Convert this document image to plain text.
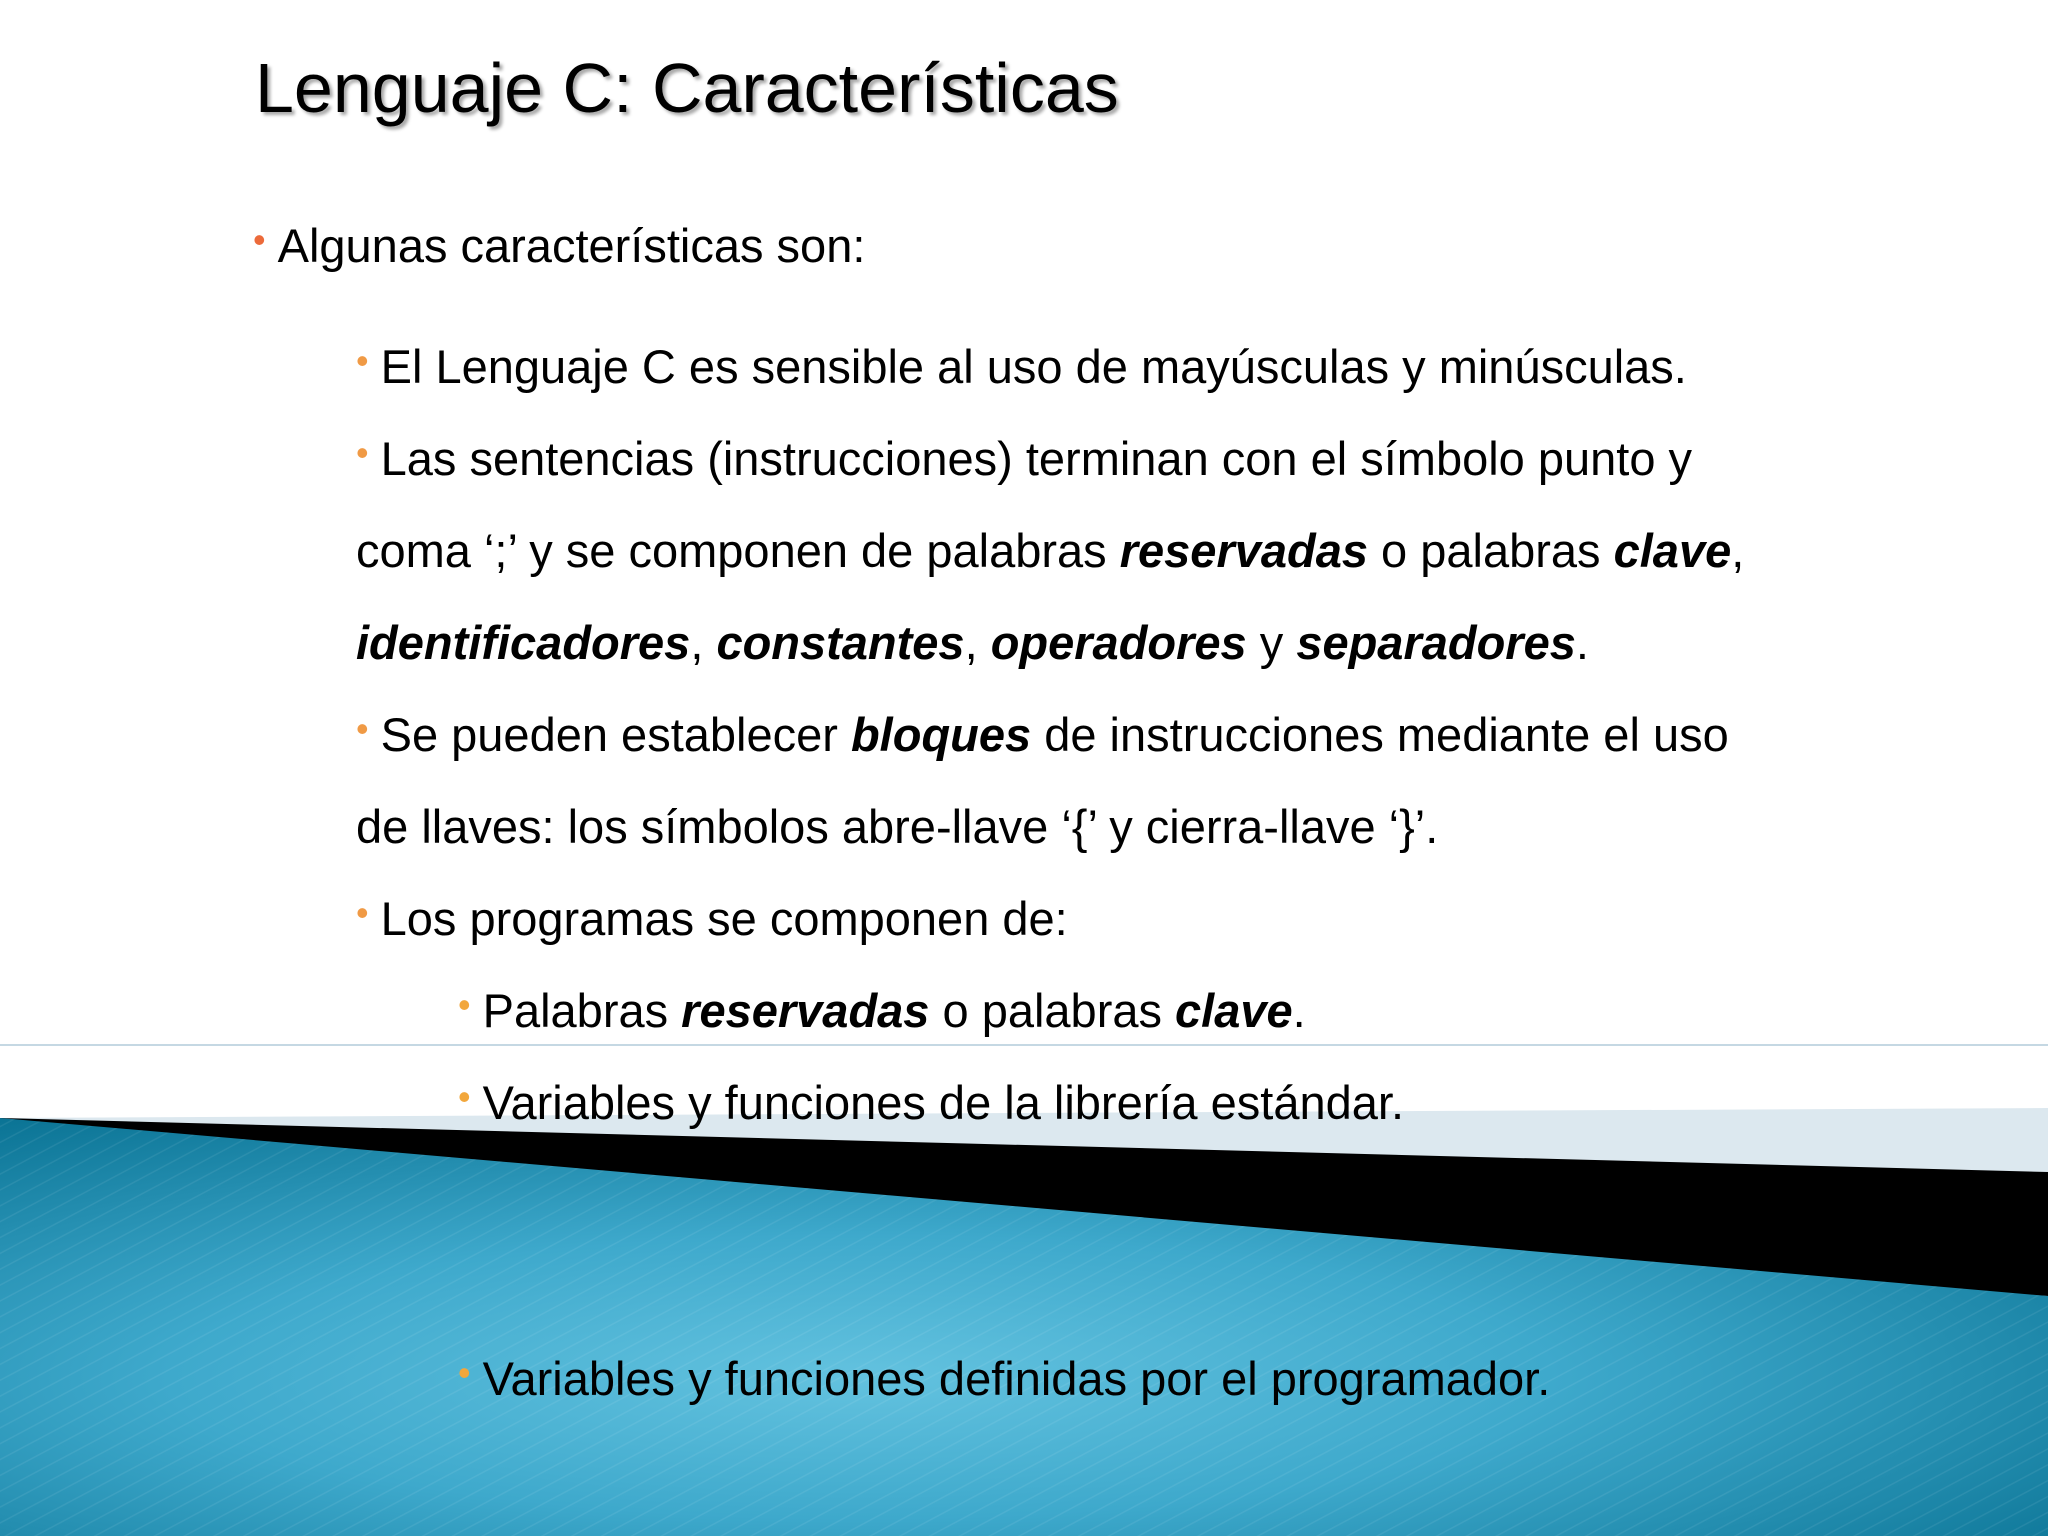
Lenguaje C: Características

• Algunas características son:

• El Lenguaje C es sensible al uso de mayúsculas y minúsculas.

• Las sentencias (instrucciones) terminan con el símbolo punto y

coma ‘;’ y se componen de palabras reservadas o palabras clave,

identificadores, constantes, operadores y separadores.

• Se pueden establecer bloques de instrucciones mediante el uso

de llaves: los símbolos abre-llave ‘{’ y cierra-llave ‘}’.

• Los programas se componen de:

• Palabras reservadas o palabras clave.

• Variables y funciones de la librería estándar.

• Variables y funciones definidas por el programador.
